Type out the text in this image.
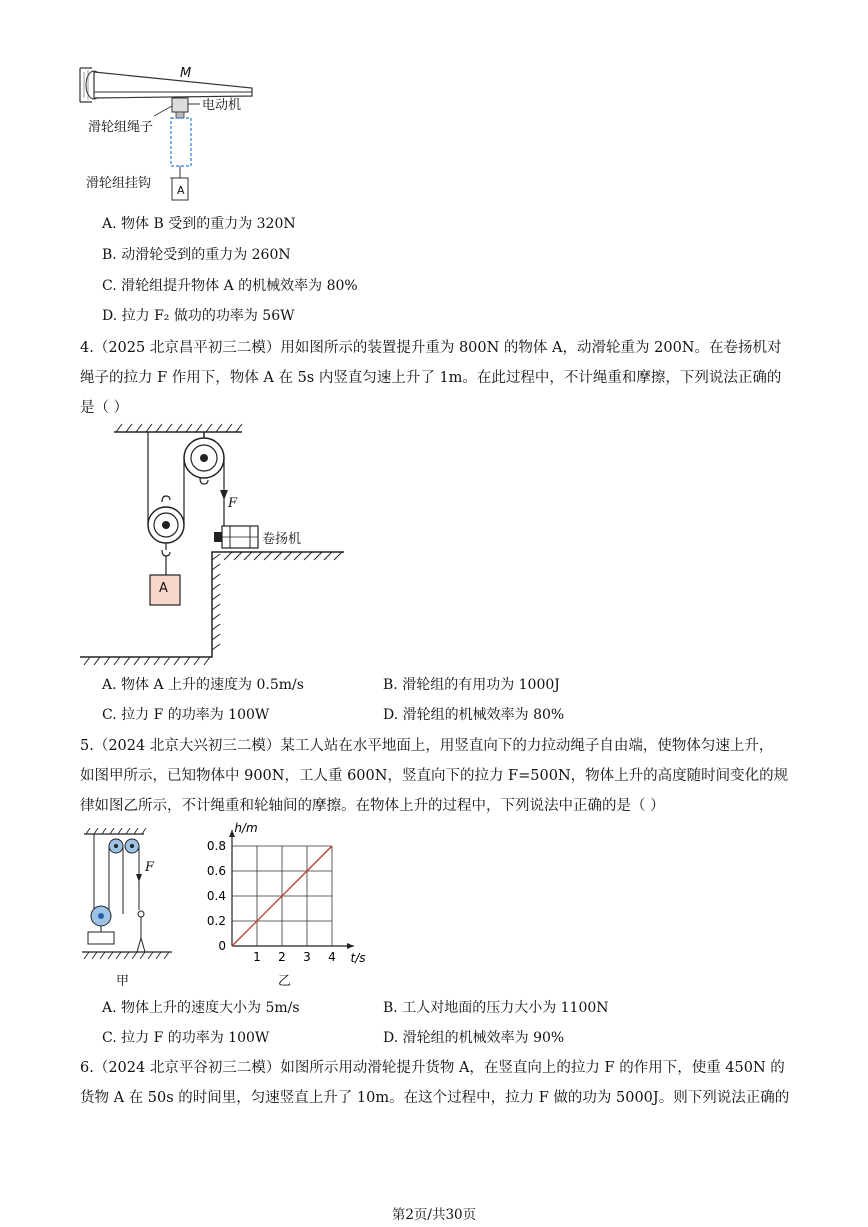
M
电动机
滑轮组绳子
滑轮组挂钩 A
A. 物体 B 受到的重力为 320N
B. 动滑轮受到的重力为 260N
C. 滑轮组提升物体 A 的机械效率为 80%
D. 拉力 F₂ 做功的功率为 56W
4.（2025 北京昌平初三二模）用如图所示的装置提升重为 800N 的物体 A，动滑轮重为 200N。在卷扬机对
绳子的拉力 F 作用下，物体 A 在 5s 内竖直匀速上升了 1m。在此过程中，不计绳重和摩擦，下列说法正确的
是（ ）
F
卷扬机
A
A. 物体 A 上升的速度为 0.5m/s	B. 滑轮组的有用功为 1000J
C. 拉力 F 的功率为 100W	D. 滑轮组的机械效率为 80%
5.（2024 北京大兴初三二模）某工人站在水平地面上，用竖直向下的力拉动绳子自由端，使物体匀速上升，
如图甲所示，已知物体中 900N，工人重 600N，竖直向下的拉力 F=500N，物体上升的高度随时间变化的规
律如图乙所示，不计绳重和轮轴间的摩擦。在物体上升的过程中，下列说法中正确的是（ ）
F
甲
1 2 3 4
0
0.2
0.4
0.6
0.8
t/s
h/m
乙
A. 物体上升的速度大小为 5m/s	B. 工人对地面的压力大小为 1100N
C. 拉力 F 的功率为 100W	D. 滑轮组的机械效率为 90%
6.（2024 北京平谷初三二模）如图所示用动滑轮提升货物 A，在竖直向上的拉力 F 的作用下，使重 450N 的
货物 A 在 50s 的时间里，匀速竖直上升了 10m。在这个过程中，拉力 F 做的功为 5000J。则下列说法正确的
第2页/共30页
